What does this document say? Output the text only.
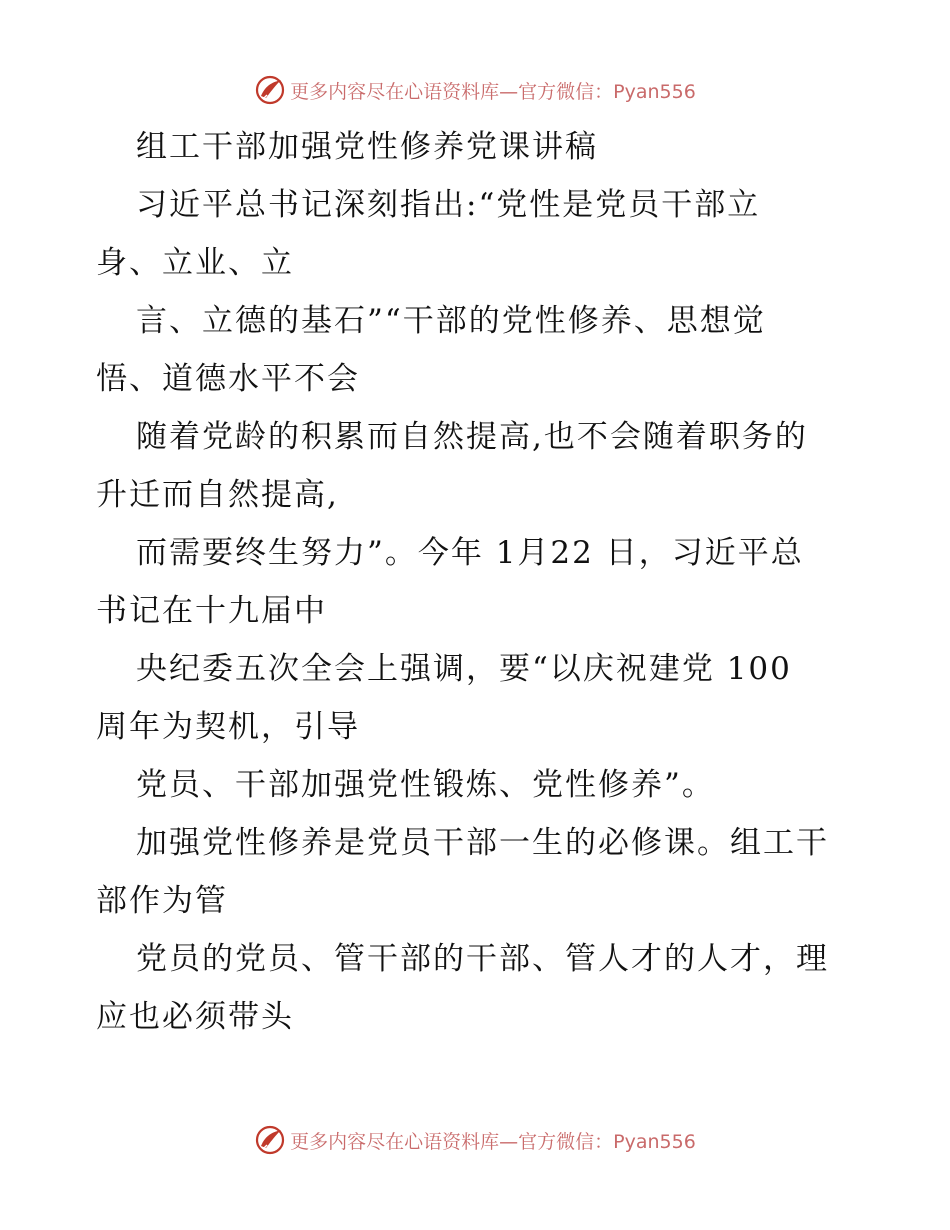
更多内容尽在心语资料库—官方微信：Pyan556
组工干部加强党性修养党课讲稿
习近平总书记深刻指出:“党性是党员干部立
身、立业、立
言、立德的基石”“干部的党性修养、思想觉
悟、道德水平不会
随着党龄的积累而自然提高,也不会随着职务的
升迁而自然提高,
而需要终生努力”。今年 1月22 日，习近平总
书记在十九届中
央纪委五次全会上强调，要“以庆祝建党 100
周年为契机，引导
党员、干部加强党性锻炼、党性修养”。
加强党性修养是党员干部一生的必修课。组工干
部作为管
党员的党员、管干部的干部、管人才的人才，理
应也必须带头
更多内容尽在心语资料库—官方微信：Pyan556
